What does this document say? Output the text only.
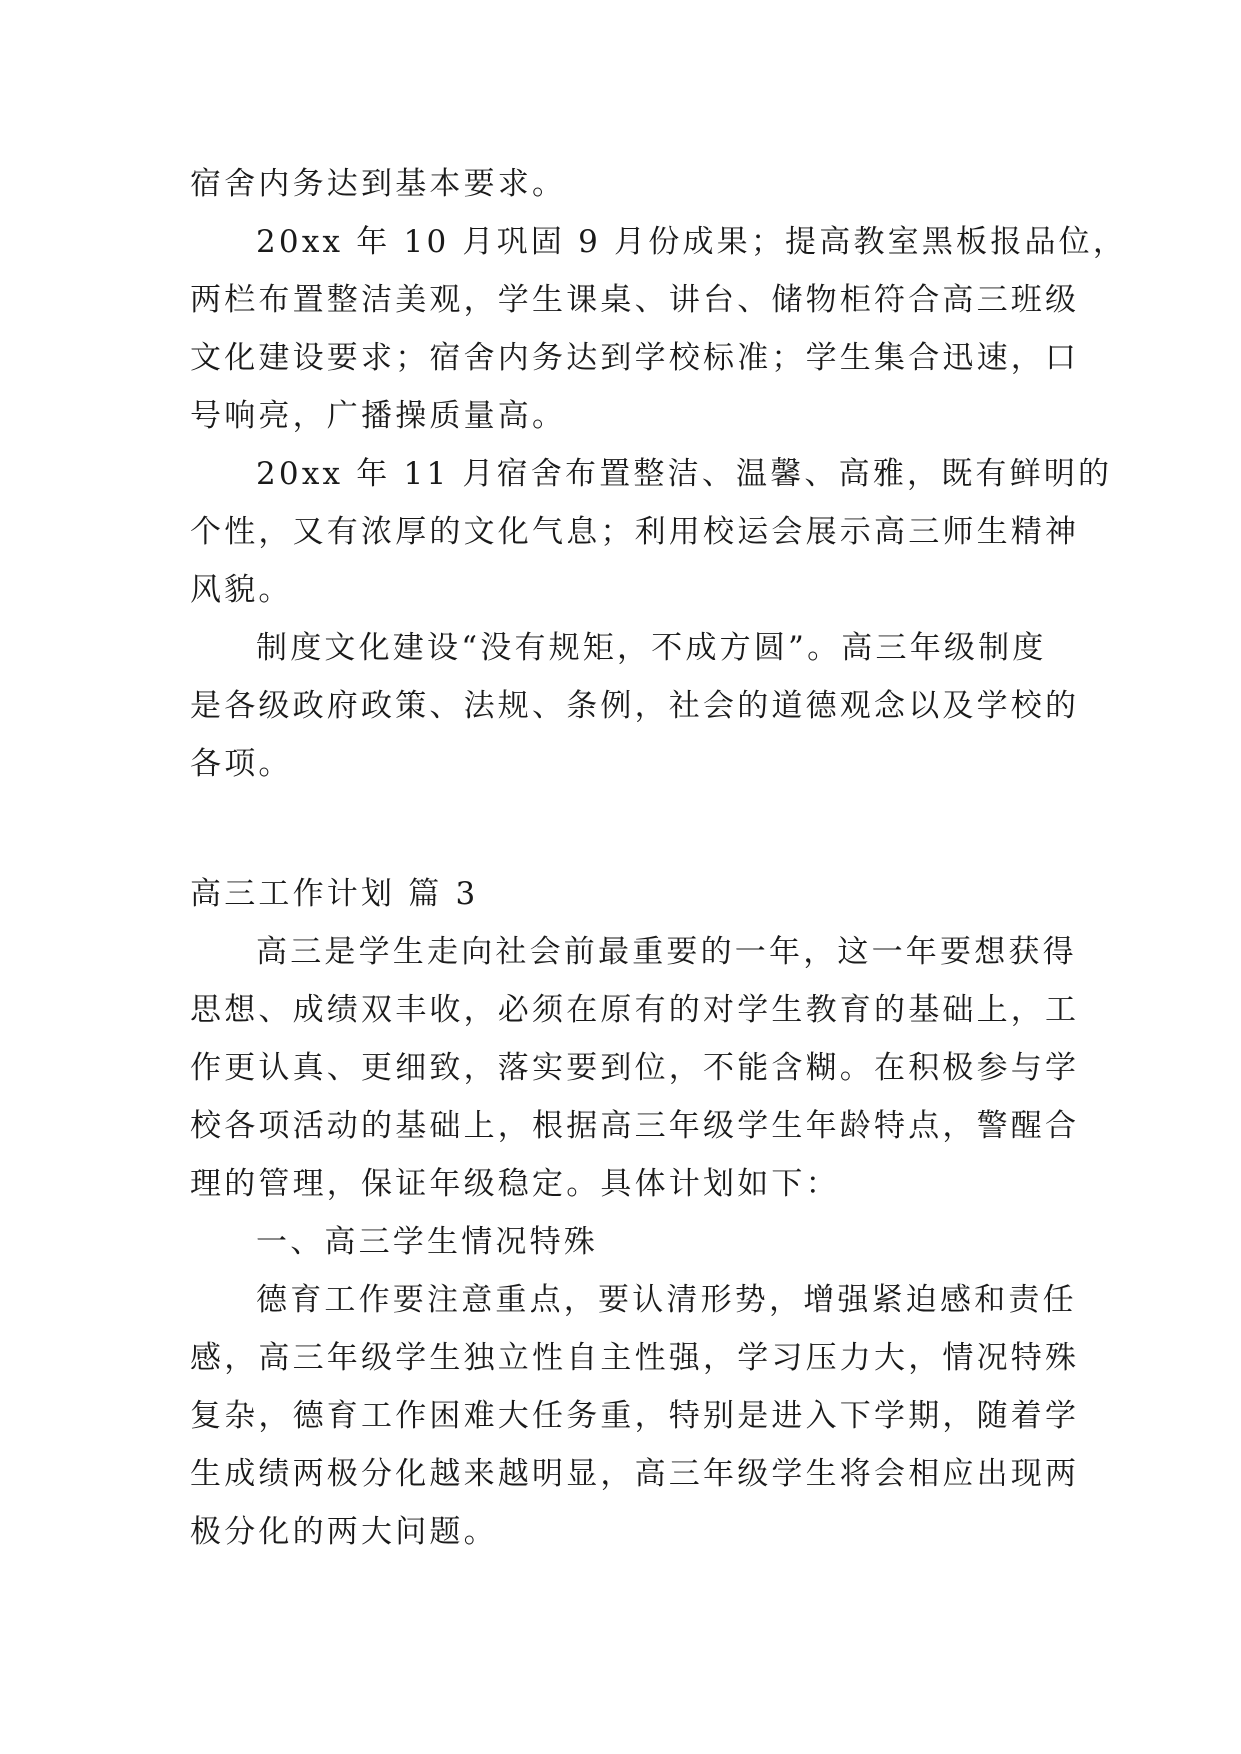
宿舍内务达到基本要求。

20xx 年 10 月巩固 9 月份成果；提高教室黑板报品位，

两栏布置整洁美观，学生课桌、讲台、储物柜符合高三班级

文化建设要求；宿舍内务达到学校标准；学生集合迅速，口

号响亮，广播操质量高。

20xx 年 11 月宿舍布置整洁、温馨、高雅，既有鲜明的

个性，又有浓厚的文化气息；利用校运会展示高三师生精神

风貌。

制度文化建设“没有规矩，不成方圆”。高三年级制度

是各级政府政策、法规、条例，社会的道德观念以及学校的

各项。

高三工作计划 篇 3

高三是学生走向社会前最重要的一年，这一年要想获得

思想、成绩双丰收，必须在原有的对学生教育的基础上，工

作更认真、更细致，落实要到位，不能含糊。在积极参与学

校各项活动的基础上，根据高三年级学生年龄特点，警醒合

理的管理，保证年级稳定。具体计划如下：

一、高三学生情况特殊

德育工作要注意重点，要认清形势，增强紧迫感和责任

感，高三年级学生独立性自主性强，学习压力大，情况特殊

复杂，德育工作困难大任务重，特别是进入下学期，随着学

生成绩两极分化越来越明显，高三年级学生将会相应出现两

极分化的两大问题。
